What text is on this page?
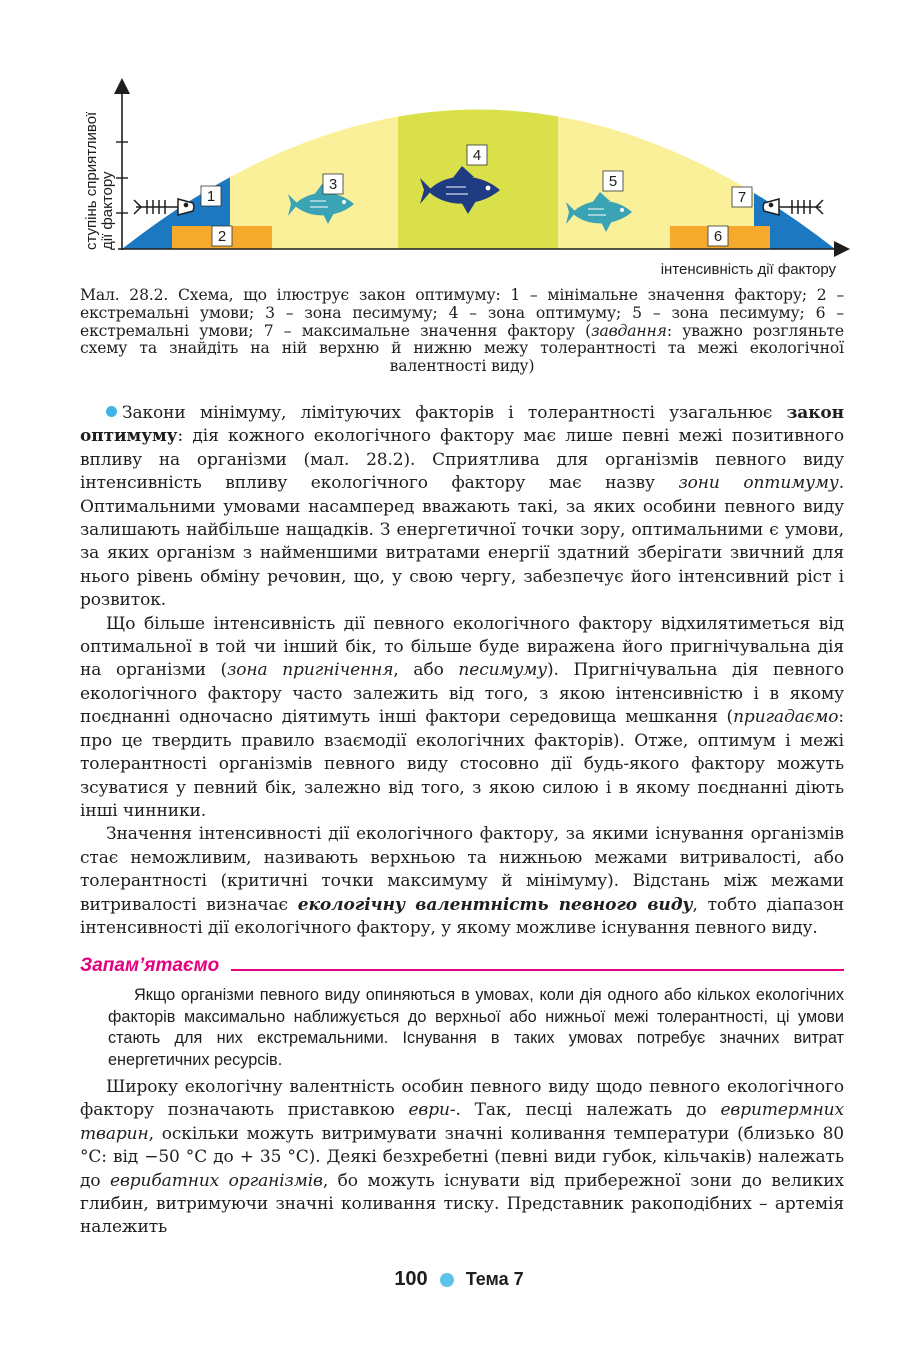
ступінь сприятливої дії фактору
інтенсивність дії фактору
1
2
3
4
5
6
7
Мал. 28.2. Схема, що ілюструє закон оптимуму: 1 – мінімальне значення фактору; 2 – екстремальні умови; 3 – зона песимуму; 4 – зона оптимуму; 5 – зона песимуму; 6 – екстремальні умови; 7 – максимальне значення фактору (завдання: уважно розгляньте схему та знайдіть на ній верхню й нижню межу толерантності та межі екологічної валентності виду)

Закони мінімуму, лімітуючих факторів і толерантності узагальнює закон оптимуму: дія кожного екологічного фактору має лише певні межі позитивного впливу на організми (мал. 28.2). Сприятлива для організмів певного виду інтенсивність впливу екологічного фактору має назву зони оптимуму. Оптимальними умовами насамперед вважають такі, за яких особини певного виду залишають найбільше нащадків. З енергетичної точки зору, оптимальними є умови, за яких організм з найменшими витратами енергії здатний зберігати звичний для нього рівень обміну речовин, що, у свою чергу, забезпечує його інтенсивний ріст і розвиток.

Що більше інтенсивність дії певного екологічного фактору відхилятиметься від оптимальної в той чи інший бік, то більше буде виражена його пригнічувальна дія на організми (зона пригнічення, або песимуму). Пригнічувальна дія певного екологічного фактору часто залежить від того, з якою інтенсивністю і в якому поєднанні одночасно діятимуть інші фактори середовища мешкання (пригадаємо: про це твердить правило взаємодії екологічних факторів). Отже, оптимум і межі толерантності організмів певного виду стосовно дії будь-якого фактору можуть зсуватися у певний бік, залежно від того, з якою силою і в якому поєднанні діють інші чинники.

Значення інтенсивності дії екологічного фактору, за якими існування організмів стає неможливим, називають верхньою та нижньою межами витривалості, або толерантності (критичні точки максимуму й мінімуму). Відстань між межами витривалості визначає екологічну валентність певного виду, тобто діапазон інтенсивності дії екологічного фактору, у якому можливе існування певного виду.

Запам’ятаємо
Якщо організми певного виду опиняються в умовах, коли дія одного або кількох екологічних факторів максимально наближується до верхньої або нижньої межі толерантності, ці умови стають для них екстремальними. Існування в таких умовах потребує значних витрат енергетичних ресурсів.

Широку екологічну валентність особин певного виду щодо певного екологічного фактору позначають приставкою еври-. Так, песці належать до евритермних тварин, оскільки можуть витримувати значні коливання температури (близько 80 °С: від −50 °С до + 35 °С). Деякі безхребетні (певні види губок, кільчаків) належать до еврибатних організмів, бо можуть існувати від прибережної зони до великих глибин, витримуючи значні коливання тиску. Представник ракоподібних – артемія належить

100 Тема 7
